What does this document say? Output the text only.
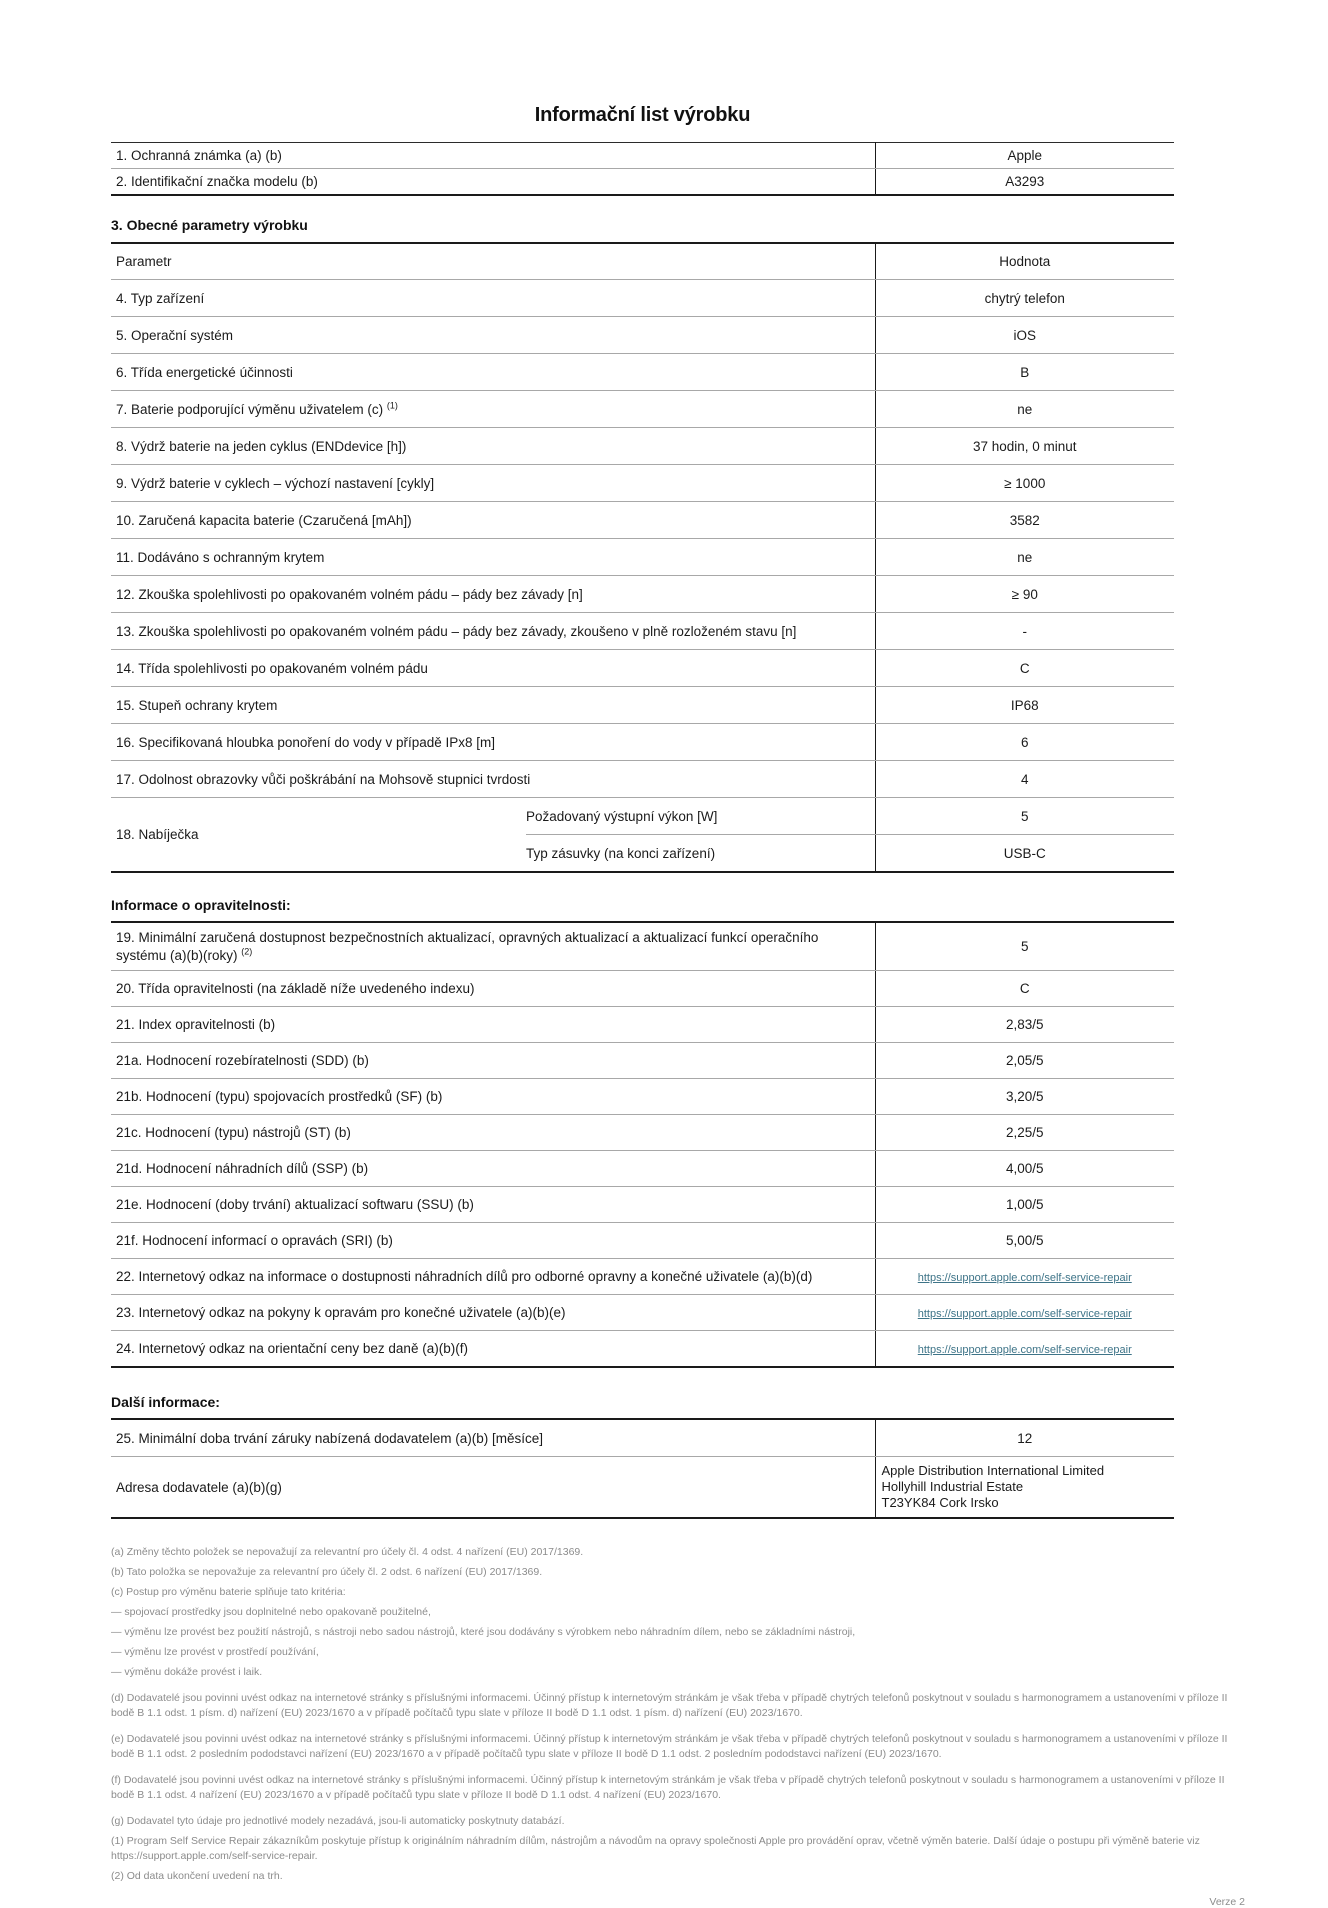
Informační list výrobku
1. Ochranná známka (a) (b)	Apple
2. Identifikační značka modelu (b)	A3293
3. Obecné parametry výrobku
Parametr		Hodnota
4. Typ zařízení		chytrý telefon
5. Operační systém		iOS
6. Třída energetické účinnosti		B
7. Baterie podporující výměnu uživatelem (c) $^{(1)}$		ne
8. Výdrž baterie na jeden cyklus (ENDdevice [h])		37 hodin, 0 minut
9. Výdrž baterie v cyklech – výchozí nastavení [cykly]		≥ 1000
10. Zaručená kapacita baterie (Czaručená [mAh])		3582
11. Dodáváno s ochranným krytem		ne
12. Zkouška spolehlivosti po opakovaném volném pádu – pády bez závady [n]		≥ 90
13. Zkouška spolehlivosti po opakovaném volném pádu – pády bez závady, zkoušeno v plně rozloženém stavu [n]		-
14. Třída spolehlivosti po opakovaném volném pádu		C
15. Stupeň ochrany krytem		IP68
16. Specifikovaná hloubka ponoření do vody v případě IPx8 [m]		6
17. Odolnost obrazovky vůči poškrábání na Mohsově stupnici tvrdosti		4
18. Nabíječka	Požadovaný výstupní výkon [W]	5
	Typ zásuvky (na konci zařízení)	USB-C
Informace o opravitelnosti:
19. Minimální zaručená dostupnost bezpečnostních aktualizací, opravných aktualizací a aktualizací funkcí operačního
systému (a)(b)(roky) $^{(2)}$	5
20. Třída opravitelnosti (na základě níže uvedeného indexu)	C
21. Index opravitelnosti (b)	2,83/5
21a. Hodnocení rozebíratelnosti (SDD) (b)	2,05/5
21b. Hodnocení (typu) spojovacích prostředků (SF) (b)	3,20/5
21c. Hodnocení (typu) nástrojů (ST) (b)	2,25/5
21d. Hodnocení náhradních dílů (SSP) (b)	4,00/5
21e. Hodnocení (doby trvání) aktualizací softwaru (SSU) (b)	1,00/5
21f. Hodnocení informací o opravách (SRI) (b)	5,00/5
22. Internetový odkaz na informace o dostupnosti náhradních dílů pro odborné opravny a konečné uživatele (a)(b)(d)	https://support.apple.com/self-service-repair
23. Internetový odkaz na pokyny k opravám pro konečné uživatele (a)(b)(e)	https://support.apple.com/self-service-repair
24. Internetový odkaz na orientační ceny bez daně (a)(b)(f)	https://support.apple.com/self-service-repair
Další informace:
25. Minimální doba trvání záruky nabízená dodavatelem (a)(b) [měsíce]	12
Adresa dodavatele (a)(b)(g)	Apple Distribution International Limited
Hollyhill Industrial Estate
T23YK84 Cork Irsko

(a) Změny těchto položek se nepovažují za relevantní pro účely čl. 4 odst. 4 nařízení (EU) 2017/1369.

(b) Tato položka se nepovažuje za relevantní pro účely čl. 2 odst. 6 nařízení (EU) 2017/1369.

(c) Postup pro výměnu baterie splňuje tato kritéria:

— spojovací prostředky jsou doplnitelné nebo opakovaně použitelné,

— výměnu lze provést bez použití nástrojů, s nástroji nebo sadou nástrojů, které jsou dodávány s výrobkem nebo náhradním dílem, nebo se základními nástroji,

— výměnu lze provést v prostředí používání,

— výměnu dokáže provést i laik.

(d) Dodavatelé jsou povinni uvést odkaz na internetové stránky s příslušnými informacemi. Účinný přístup k internetovým stránkám je však třeba v případě chytrých telefonů poskytnout v souladu s harmonogramem a ustanoveními v příloze II bodě B 1.1 odst. 1 písm. d) nařízení (EU) 2023/1670 a v případě počítačů typu slate v příloze II bodě D 1.1 odst. 1 písm. d) nařízení (EU) 2023/1670.

(e) Dodavatelé jsou povinni uvést odkaz na internetové stránky s příslušnými informacemi. Účinný přístup k internetovým stránkám je však třeba v případě chytrých telefonů poskytnout v souladu s harmonogramem a ustanoveními v příloze II bodě B 1.1 odst. 2 posledním pododstavci nařízení (EU) 2023/1670 a v případě počítačů typu slate v příloze II bodě D 1.1 odst. 2 posledním pododstavci nařízení (EU) 2023/1670.

(f) Dodavatelé jsou povinni uvést odkaz na internetové stránky s příslušnými informacemi. Účinný přístup k internetovým stránkám je však třeba v případě chytrých telefonů poskytnout v souladu s harmonogramem a ustanoveními v příloze II bodě B 1.1 odst. 4 nařízení (EU) 2023/1670 a v případě počítačů typu slate v příloze II bodě D 1.1 odst. 4 nařízení (EU) 2023/1670.

(g) Dodavatel tyto údaje pro jednotlivé modely nezadává, jsou-li automaticky poskytnuty databází.

(1) Program Self Service Repair zákazníkům poskytuje přístup k originálním náhradním dílům, nástrojům a návodům na opravy společnosti Apple pro provádění oprav, včetně výměn baterie. Další údaje o postupu při výměně baterie viz https://support.apple.com/self-service-repair.

(2) Od data ukončení uvedení na trh.

Verze 2
